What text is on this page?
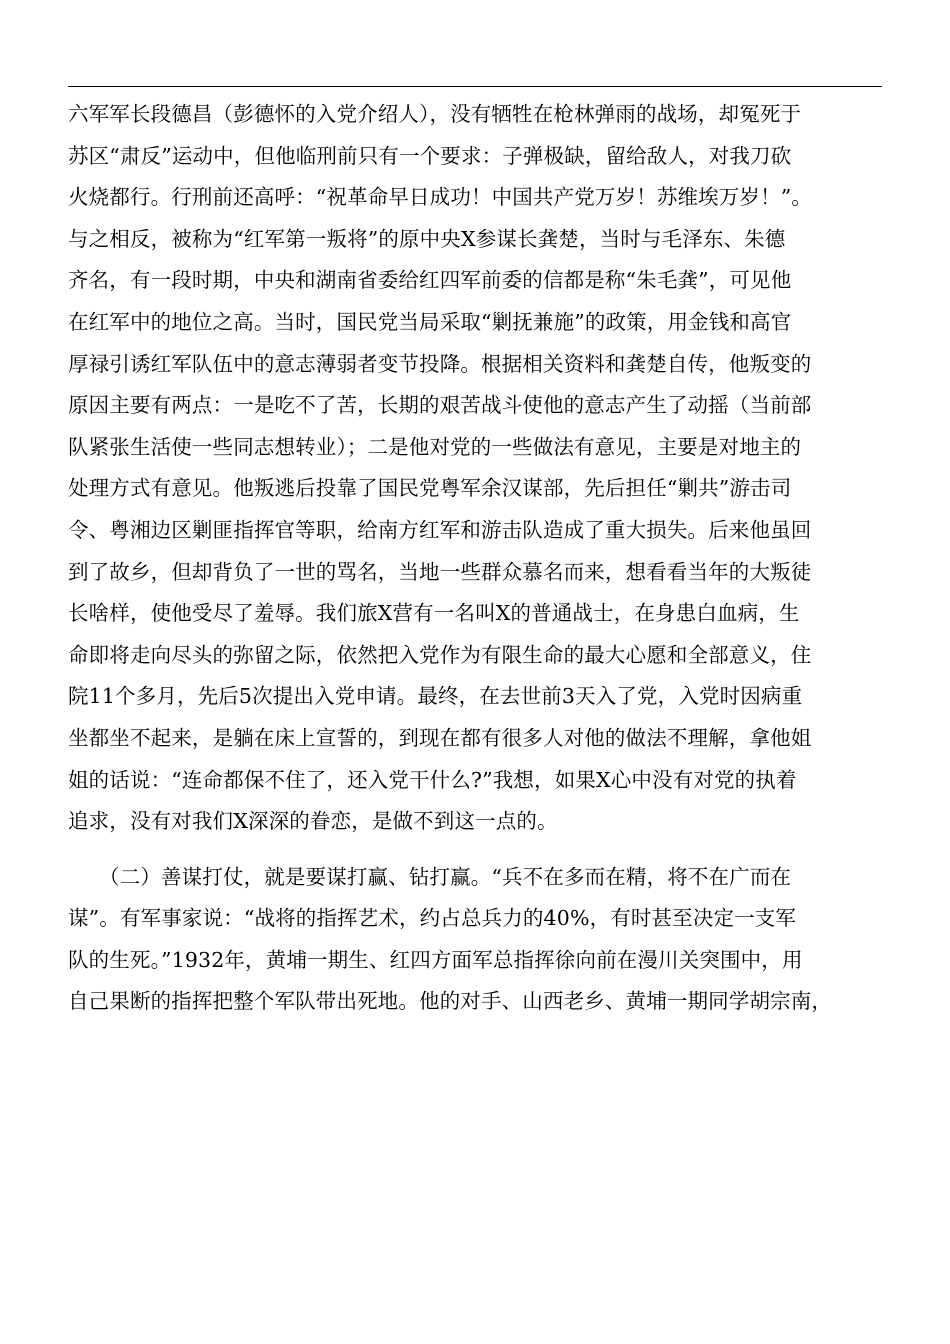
六军军长段德昌（彭德怀的入党介绍人），没有牺牲在枪林弹雨的战场，却冤死于
苏区“肃反”运动中，但他临刑前只有一个要求：子弹极缺，留给敌人，对我刀砍
火烧都行。行刑前还高呼：“祝革命早日成功！中国共产党万岁！苏维埃万岁！”。
与之相反，被称为“红军第一叛将”的原中央X参谋长龚楚，当时与毛泽东、朱德
齐名，有一段时期，中央和湖南省委给红四军前委的信都是称“朱毛龚”，可见他
在红军中的地位之高。当时，国民党当局采取“剿抚兼施”的政策，用金钱和高官
厚禄引诱红军队伍中的意志薄弱者变节投降。根据相关资料和龚楚自传，他叛变的
原因主要有两点：一是吃不了苦，长期的艰苦战斗使他的意志产生了动摇（当前部
队紧张生活使一些同志想转业）；二是他对党的一些做法有意见，主要是对地主的
处理方式有意见。他叛逃后投靠了国民党粤军余汉谋部，先后担任“剿共”游击司
令、粤湘边区剿匪指挥官等职，给南方红军和游击队造成了重大损失。后来他虽回
到了故乡，但却背负了一世的骂名，当地一些群众慕名而来，想看看当年的大叛徒
长啥样，使他受尽了羞辱。我们旅X营有一名叫X的普通战士，在身患白血病，生
命即将走向尽头的弥留之际，依然把入党作为有限生命的最大心愿和全部意义，住
院11个多月，先后5次提出入党申请。最终，在去世前3天入了党，入党时因病重
坐都坐不起来，是躺在床上宣誓的，到现在都有很多人对他的做法不理解，拿他姐
姐的话说：“连命都保不住了，还入党干什么?”我想，如果X心中没有对党的执着
追求，没有对我们X深深的眷恋，是做不到这一点的。
　　（二）善谋打仗，就是要谋打赢、钻打赢。“兵不在多而在精，将不在广而在
谋”。有军事家说：“战将的指挥艺术，约占总兵力的40%，有时甚至决定一支军
队的生死。”1932年，黄埔一期生、红四方面军总指挥徐向前在漫川关突围中，用
自己果断的指挥把整个军队带出死地。他的对手、山西老乡、黄埔一期同学胡宗南，
